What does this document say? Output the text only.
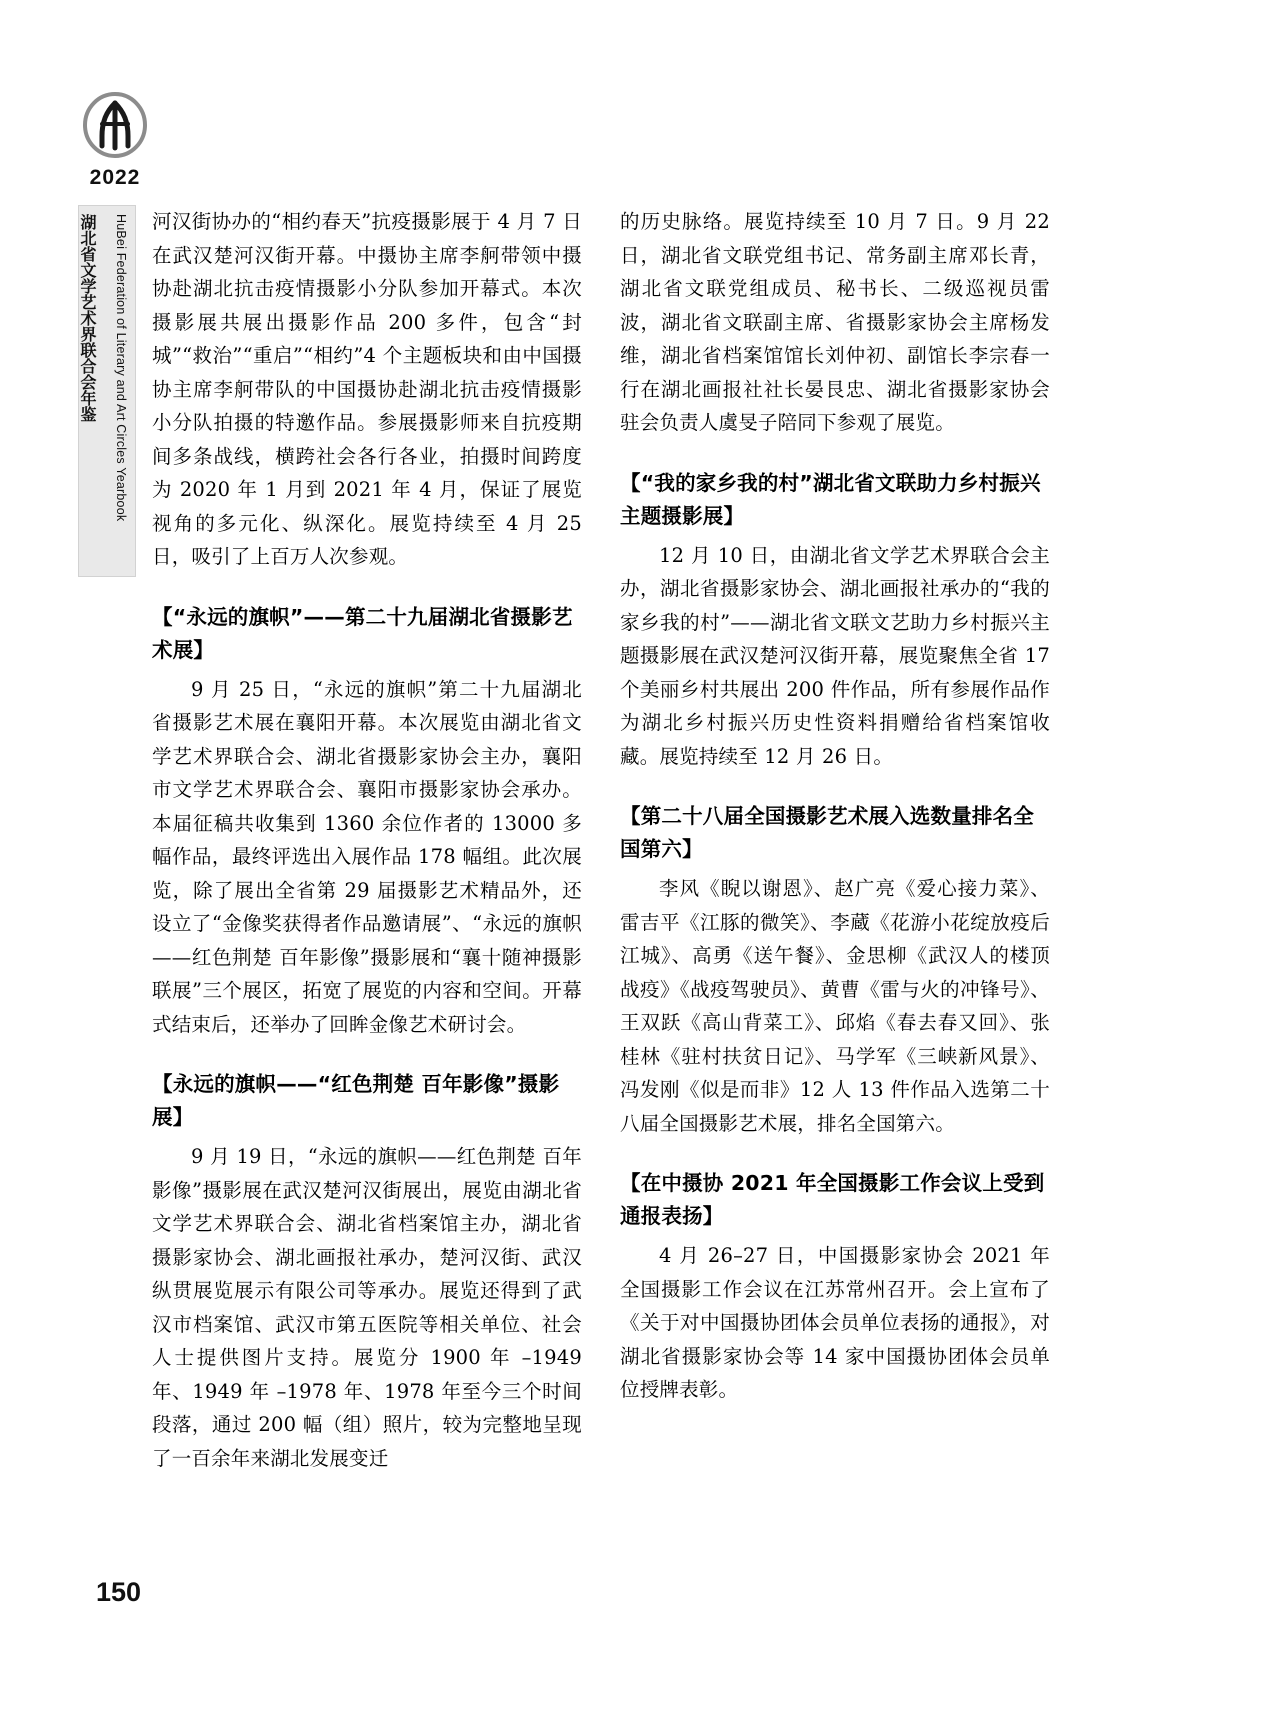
2022
湖北省文学艺术界联合会年鉴	HuBei Federation of Literary and Art Circles Yearbook 河汉街协办的“相约春天”抗疫摄影展于 4 月 7 日在武汉楚河汉街开幕。中摄协主席李舸带领中摄协赴湖北抗击疫情摄影小分队参加开幕式。本次摄影展共展出摄影作品 200 多件，包含“封城”“救治”“重启”“相约”4 个主题板块和由中国摄协主席李舸带队的中国摄协赴湖北抗击疫情摄影小分队拍摄的特邀作品。参展摄影师来自抗疫期间多条战线，横跨社会各行各业，拍摄时间跨度为 2020 年 1 月到 2021 年 4 月，保证了展览视角的多元化、纵深化。展览持续至 4 月 25 日，吸引了上百万人次参观。

【“永远的旗帜”——第二十九届湖北省摄影艺术展】

9 月 25 日，“永远的旗帜”第二十九届湖北省摄影艺术展在襄阳开幕。本次展览由湖北省文学艺术界联合会、湖北省摄影家协会主办，襄阳市文学艺术界联合会、襄阳市摄影家协会承办。本届征稿共收集到 1360 余位作者的 13000 多幅作品，最终评选出入展作品 178 幅组。此次展览，除了展出全省第 29 届摄影艺术精品外，还设立了“金像奖获得者作品邀请展”、“永远的旗帜——红色荆楚 百年影像”摄影展和“襄十随神摄影联展”三个展区，拓宽了展览的内容和空间。开幕式结束后，还举办了回眸金像艺术研讨会。

【永远的旗帜——“红色荆楚 百年影像”摄影展】

9 月 19 日，“永远的旗帜——红色荆楚 百年影像”摄影展在武汉楚河汉街展出，展览由湖北省文学艺术界联合会、湖北省档案馆主办，湖北省摄影家协会、湖北画报社承办，楚河汉街、武汉纵贯展览展示有限公司等承办。展览还得到了武汉市档案馆、武汉市第五医院等相关单位、社会人士提供图片支持。展览分 1900 年 –1949 年、1949 年 –1978 年、1978 年至今三个时间段落，通过 200 幅（组）照片，较为完整地呈现了一百余年来湖北发展变迁

的历史脉络。展览持续至 10 月 7 日。9 月 22 日，湖北省文联党组书记、常务副主席邓长青，湖北省文联党组成员、秘书长、二级巡视员雷波，湖北省文联副主席、省摄影家协会主席杨发维，湖北省档案馆馆长刘仲初、副馆长李宗春一行在湖北画报社社长晏艮忠、湖北省摄影家协会驻会负责人虞旻子陪同下参观了展览。

【“我的家乡我的村”湖北省文联助力乡村振兴主题摄影展】

12 月 10 日，由湖北省文学艺术界联合会主办，湖北省摄影家协会、湖北画报社承办的“我的家乡我的村”——湖北省文联文艺助力乡村振兴主题摄影展在武汉楚河汉街开幕，展览聚焦全省 17 个美丽乡村共展出 200 件作品，所有参展作品作为湖北乡村振兴历史性资料捐赠给省档案馆收藏。展览持续至 12 月 26 日。

【第二十八届全国摄影艺术展入选数量排名全国第六】

李风《睨以谢恩》、赵广亮《爱心接力菜》、雷吉平《江豚的微笑》、李蔵《花游小花绽放疫后江城》、高勇《送午餐》、金思柳《武汉人的楼顶战疫》《战疫驾驶员》、黄曹《雷与火的冲锋号》、王双跃《高山背菜工》、邱焰《春去春又回》、张桂林《驻村扶贫日记》、马学军《三峡新风景》、冯发刚《似是而非》12 人 13 件作品入选第二十八届全国摄影艺术展，排名全国第六。

【在中摄协 2021 年全国摄影工作会议上受到通报表扬】

4 月 26–27 日，中国摄影家协会 2021 年全国摄影工作会议在江苏常州召开。会上宣布了《关于对中国摄协团体会员单位表扬的通报》，对湖北省摄影家协会等 14 家中国摄协团体会员单位授牌表彰。

150
